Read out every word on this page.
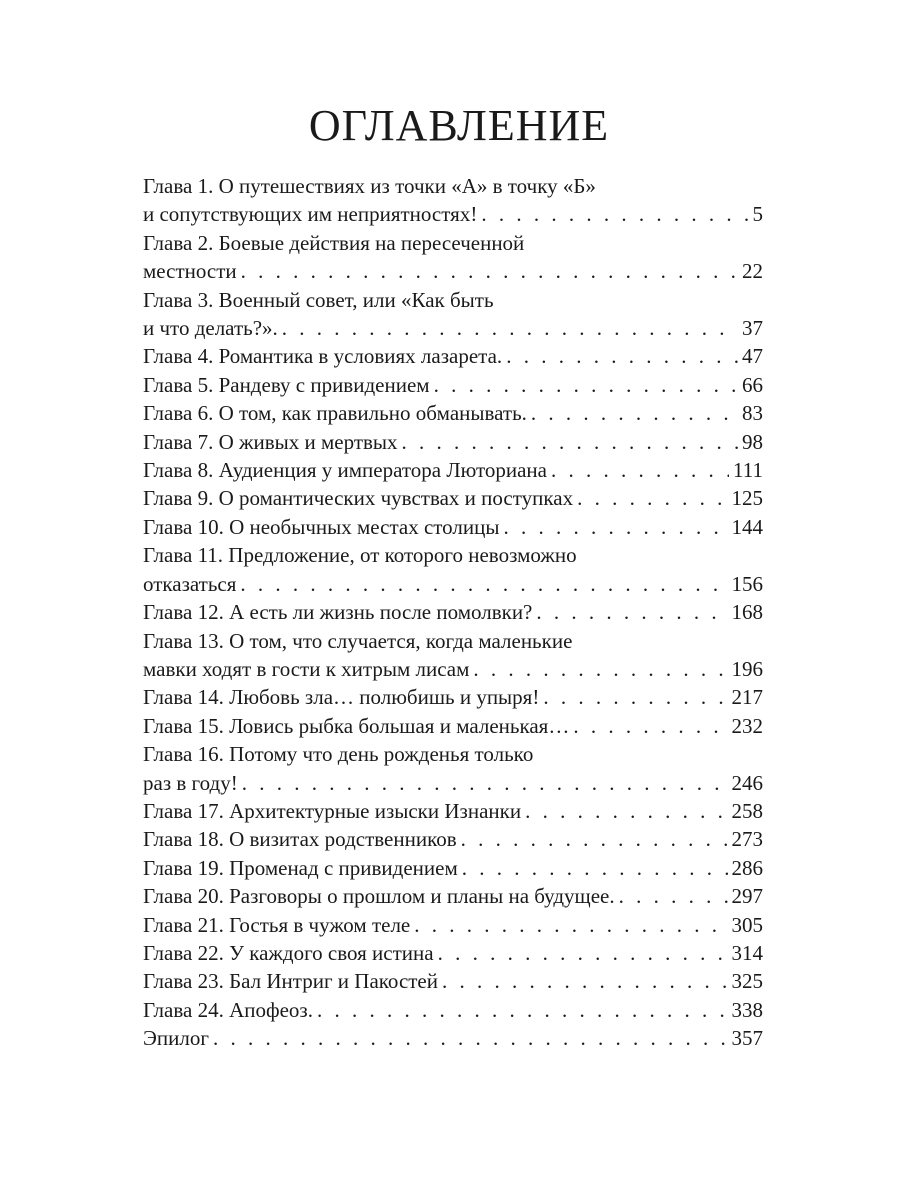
ОГЛАВЛЕНИЕ
Глава 1. О путешествиях из точки «А» в точку «Б»
и сопутствующих им неприятностях! . . .	5
Глава 2. Боевые действия на пересеченной
местности . . .	22
Глава 3. Военный совет, или «Как быть
и что делать?». . . .	37
Глава 4. Романтика в условиях лазарета. . . .	47
Глава 5. Рандеву с привидением . . .	66
Глава 6. О том, как правильно обманывать. . . .	83
Глава 7. О живых и мертвых . . .	98
Глава 8. Аудиенция у императора Люториана . . .	111
Глава 9. О романтических чувствах и поступках . . .	125
Глава 10. О необычных местах столицы . . .	144
Глава 11. Предложение, от которого невозможно
отказаться . . .	156
Глава 12. А есть ли жизнь после помолвки? . . .	168
Глава 13. О том, что случается, когда маленькие
мавки ходят в гости к хитрым лисам . . .	196
Глава 14. Любовь зла… полюбишь и упыря! . . .	217
Глава 15. Ловись рыбка большая и маленькая… . . .	232
Глава 16. Потому что день рожденья только
раз в году! . . .	246
Глава 17. Архитектурные изыски Изнанки . . .	258
Глава 18. О визитах родственников . . .	273
Глава 19. Променад с привидением . . .	286
Глава 20. Разговоры о прошлом и планы на будущее. . . .	297
Глава 21. Гостья в чужом теле . . .	305
Глава 22. У каждого своя истина . . .	314
Глава 23. Бал Интриг и Пакостей . . .	325
Глава 24. Апофеоз. . . .	338
Эпилог . . .	357
